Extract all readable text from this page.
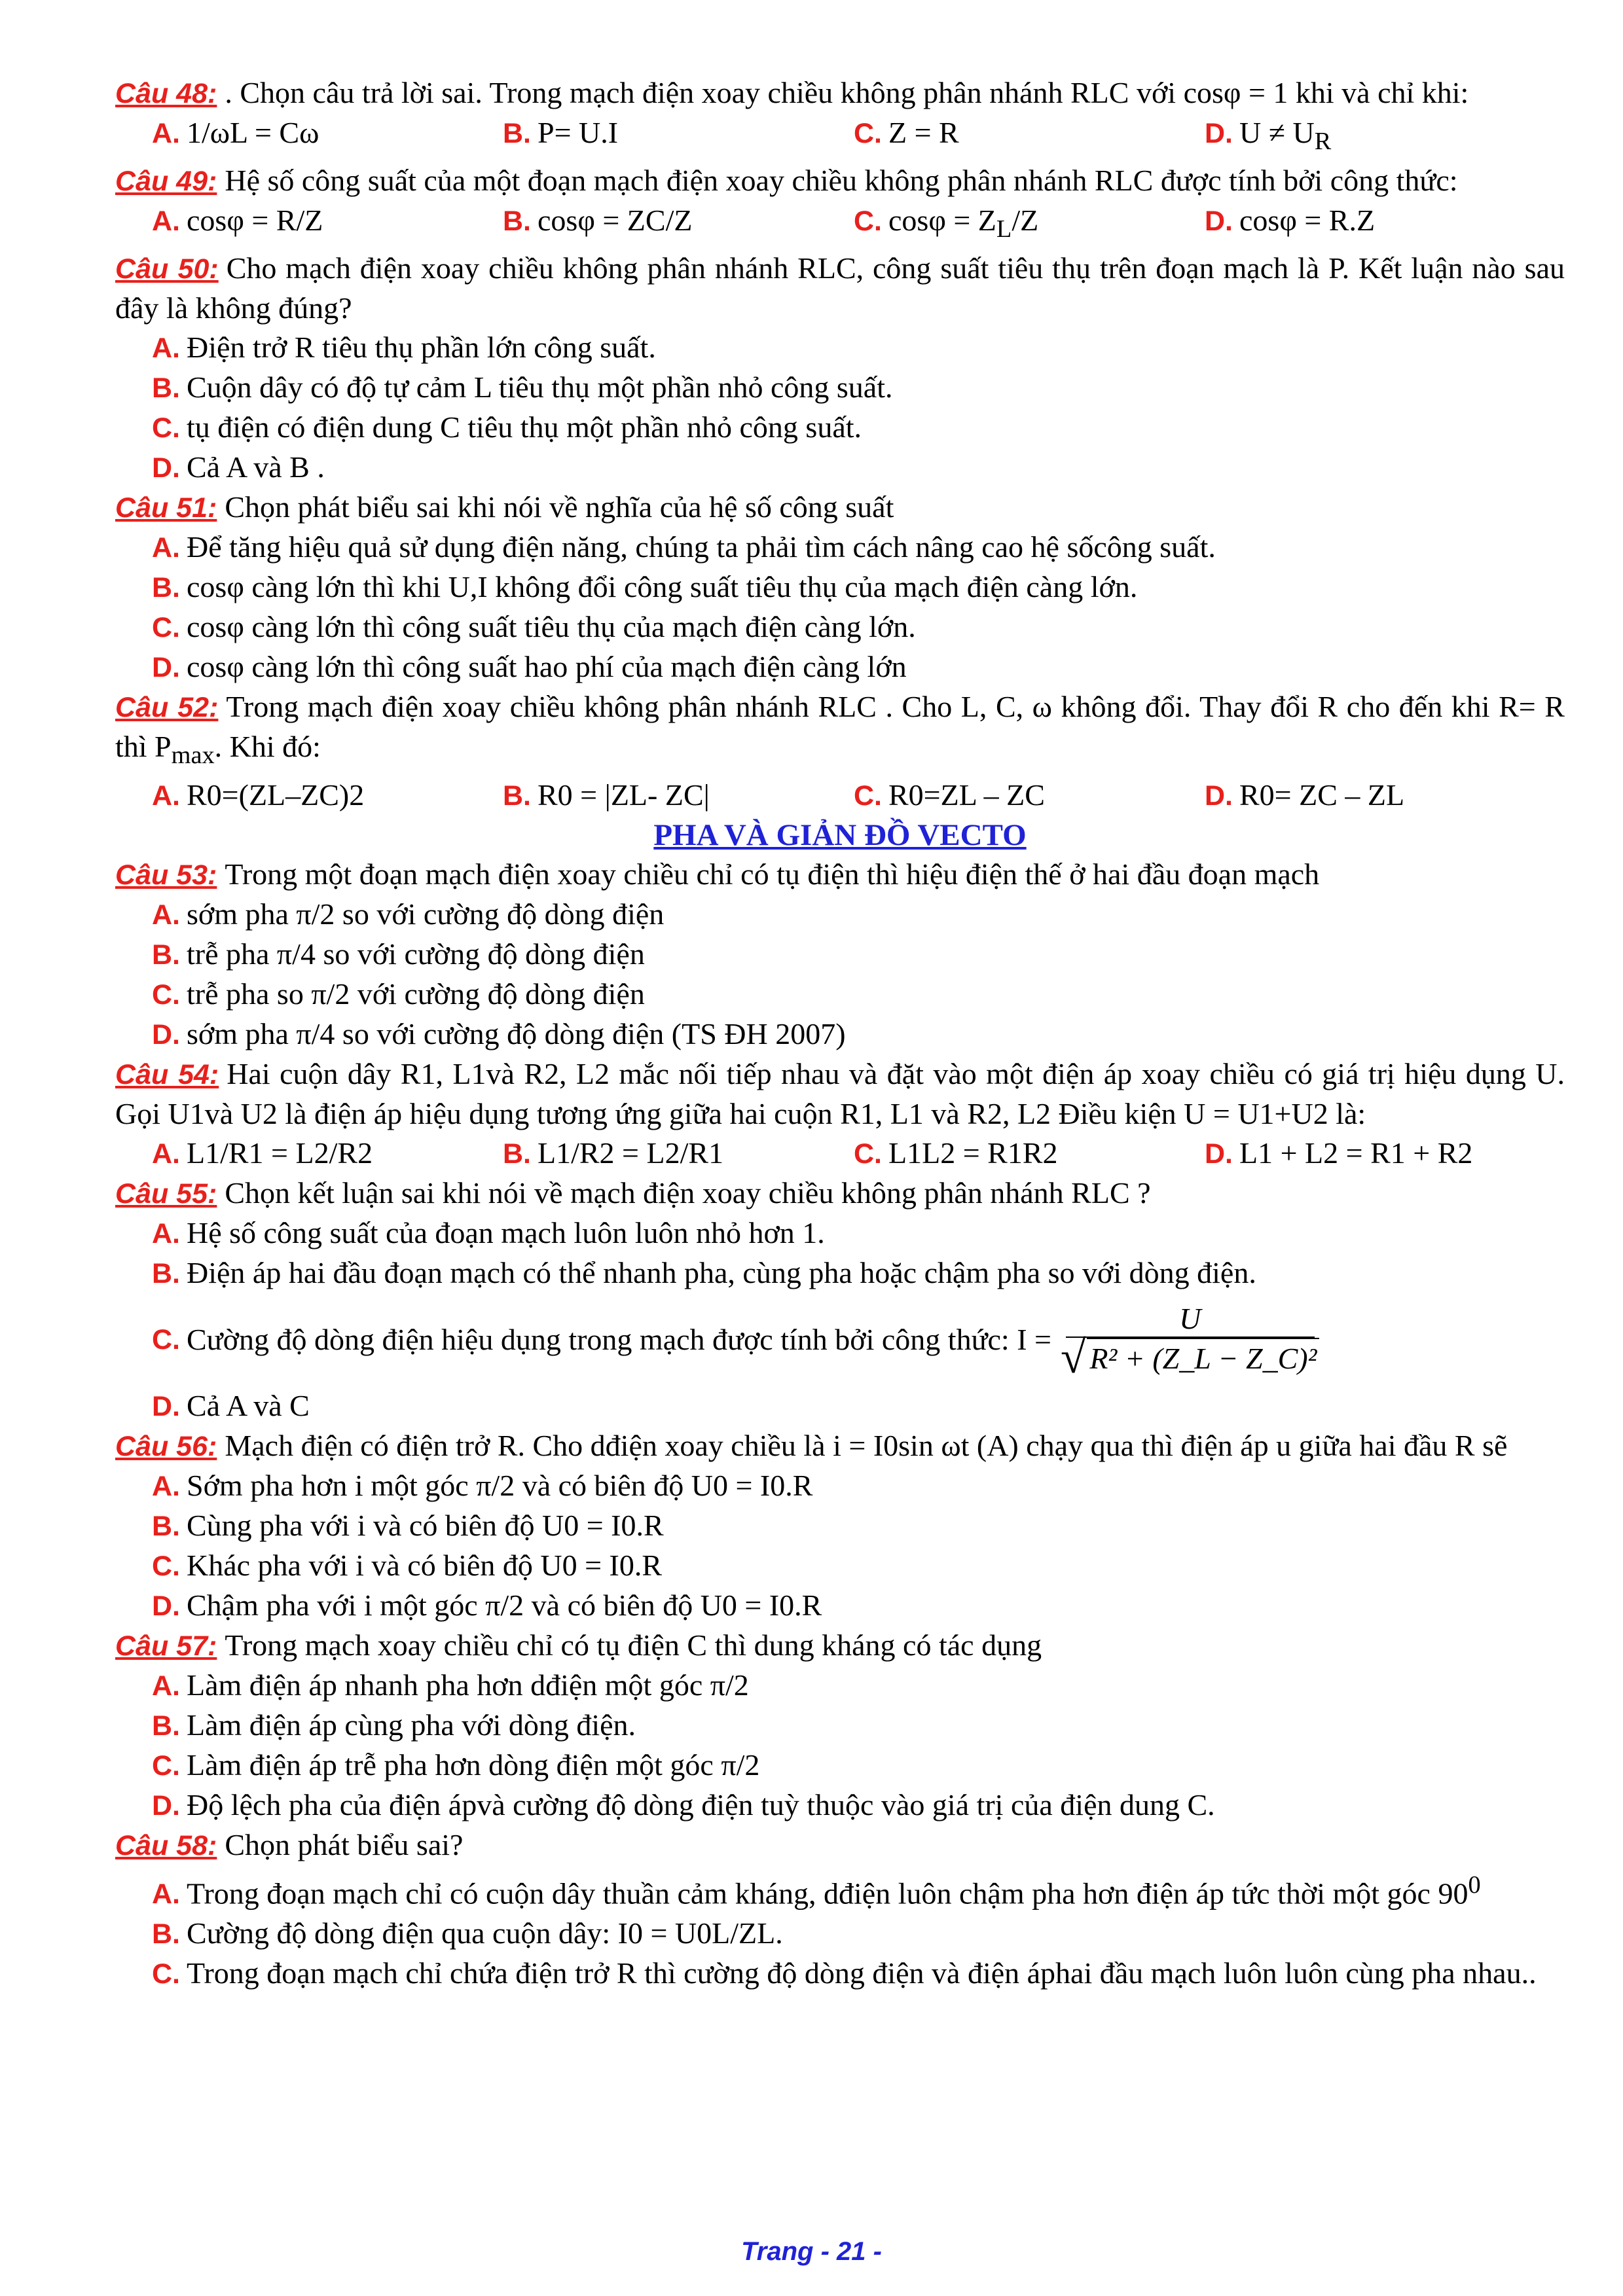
Câu 48: . Chọn câu trả lời sai. Trong mạch điện xoay chiều không phân nhánh RLC với cosφ = 1 khi và chỉ khi:

A. 1/ωL = Cω	B. P= U.I	C. Z = R	D. $U \ne U_R$

Câu 49: Hệ số công suất của một đoạn mạch điện xoay chiều không phân nhánh RLC được tính bởi công thức:

A. cosφ = R/Z	B. cosφ = ZC/Z	C. $\cos\varphi = Z_L/Z$	D. cosφ = R.Z

Câu 50: Cho mạch điện xoay chiều không phân nhánh RLC, công suất tiêu thụ trên đoạn mạch là P. Kết luận nào sau đây là không đúng?

A. Điện trở R tiêu thụ phần lớn công suất.
B. Cuộn dây có độ tự cảm L tiêu thụ một phần nhỏ công suất.
C. tụ điện có điện dung C tiêu thụ một phần nhỏ công suất.
D. Cả A và B .

Câu 51: Chọn phát biểu sai khi nói về nghĩa của hệ số công suất

A. Để tăng hiệu quả sử dụng điện năng, chúng ta phải tìm cách nâng cao hệ sốcông suất.
B. cosφ càng lớn thì khi U,I không đổi công suất tiêu thụ của mạch điện càng lớn.
C. cosφ càng lớn thì công suất tiêu thụ của mạch điện càng lớn.
D. cosφ càng lớn thì công suất hao phí của mạch điện càng lớn

Câu 52: Trong mạch điện xoay chiều không phân nhánh RLC . Cho L, C, ω không đổi. Thay đổi R cho đến khi R= R thì $P_{max}$. Khi đó:

A. R0=(ZL–ZC)2	B. R0 = |ZL- ZC|	C. R0=ZL – ZC	D. R0= ZC – ZL
PHA VÀ GIẢN ĐỒ VECTO

Câu 53: Trong một đoạn mạch điện xoay chiều chỉ có tụ điện thì hiệu điện thế ở hai đầu đoạn mạch

A. sớm pha π/2 so với cường độ dòng điện
B. trễ pha π/4 so với cường độ dòng điện
C. trễ pha so π/2 với cường độ dòng điện
D. sớm pha π/4 so với cường độ dòng điện (TS ĐH 2007)

Câu 54: Hai cuộn dây R1, L1và R2, L2 mắc nối tiếp nhau và đặt vào một điện áp xoay chiều có giá trị hiệu dụng U. Gọi U1và U2 là điện áp hiệu dụng tương ứng giữa hai cuộn R1, L1 và R2, L2 Điều kiện U = U1+U2 là:

A. L1/R1 = L2/R2	B. L1/R2 = L2/R1	C. L1L2 = R1R2	D. L1 + L2 = R1 + R2

Câu 55: Chọn kết luận sai khi nói về mạch điện xoay chiều không phân nhánh RLC ?

A. Hệ số công suất của đoạn mạch luôn luôn nhỏ hơn 1.
B. Điện áp hai đầu đoạn mạch có thể nhanh pha, cùng pha hoặc chậm pha so với dòng điện.
C. Cường độ dòng điện hiệu dụng trong mạch được tính bởi công thức: $I = \frac{U}{\text{√ R² + (Z\_L − Z\_C)²}}$
D. Cả A và C

Câu 56: Mạch điện có điện trở R. Cho dđiện xoay chiều là i = I0sin ωt (A) chạy qua thì điện áp u giữa hai đầu R sẽ

A. Sớm pha hơn i một góc π/2 và có biên độ U0 = I0.R
B. Cùng pha với i và có biên độ U0 = I0.R
C. Khác pha với i và có biên độ U0 = I0.R
D. Chậm pha với i một góc π/2 và có biên độ U0 = I0.R

Câu 57: Trong mạch xoay chiều chỉ có tụ điện C thì dung kháng có tác dụng

A. Làm điện áp nhanh pha hơn dđiện một góc π/2
B. Làm điện áp cùng pha với dòng điện.
C. Làm điện áp trễ pha hơn dòng điện một góc π/2
D. Độ lệch pha của điện ápvà cường độ dòng điện tuỳ thuộc vào giá trị của điện dung C.

Câu 58: Chọn phát biểu sai?

A. Trong đoạn mạch chỉ có cuộn dây thuần cảm kháng, dđiện luôn chậm pha hơn điện áp tức thời một góc $90^0$

B. Cường độ dòng điện qua cuộn dây: I0 = U0L/ZL.

C. Trong đoạn mạch chỉ chứa điện trở R thì cường độ dòng điện và điện áphai đầu mạch luôn luôn cùng pha nhau..

Trang - 21 -
